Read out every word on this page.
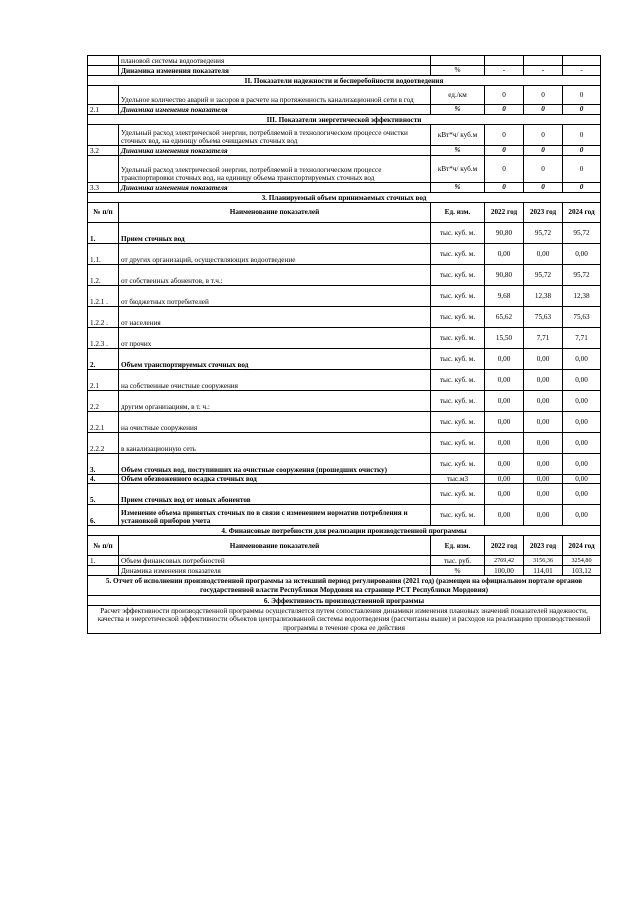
	плановой системы водоотведения				
	Динамика изменения показателя	%	-	-	-
II. Показатели надежности и бесперебойности водоотведения					
	Удельное количество аварий и засоров в расчете на протяженность канализационной сети в год	ед./км	0	0	0
2.1	Динамика изменения показателя	%	0	0	0
III. Показатели энергетической эффективности					
	Удельный расход электрической энергии, потребляемой в технологическом процессе очистки сточных вод, на единицу объема очищаемых сточных вод	кВт*ч/ куб.м	0	0	0
3.2	Динамика изменения показателя	%	0	0	0
	Удельный расход электрической энергии, потребляемой в технологическом процессе транспортировки сточных вод, на единицу объема транспортируемых сточных вод	кВт*ч/ куб.м	0	0	0
3.3	Динамика изменения показателя	%	0	0	0
3. Планируемый объем принимаемых сточных вод					
№ п/п	Наименование показателей	Ед. изм.	2022 год	2023 год	2024 год
1.	Прием сточных вод	тыс. куб. м.	90,80	95,72	95,72
1.1.	от других организаций, осуществляющих водоотведение	тыс. куб. м.	0,00	0,00	0,00
1.2.	от собственных абонентов, в т.ч.:	тыс. куб. м.	90,80	95,72	95,72
1.2.1 .	от бюджетных потребителей	тыс. куб. м.	9,68	12,38	12,38
1.2.2 .	от населения	тыс. куб. м.	65,62	75,63	75,63
1.2.3 .	от прочих	тыс. куб. м.	15,50	7,71	7,71
2.	Объем транспортируемых сточных вод	тыс. куб. м.	0,00	0,00	0,00
2.1	на собственные очистные сооружения	тыс. куб. м.	0,00	0,00	0,00
2.2	другим организациям, в т. ч.:	тыс. куб. м.	0,00	0,00	0,00
2.2.1	на очистные сооружения	тыс. куб. м.	0,00	0,00	0,00
2.2.2	в канализационную сеть	тыс. куб. м.	0,00	0,00	0,00
3.	Объем сточных вод, поступивших на очистные сооружения (прошедших очистку)	тыс. куб. м.	0,00	0,00	0,00
4.	Объем обезвоженного осадка сточных вод	тыс.м3	0,00	0,00	0,00
5.	Прием сточных вод от новых абонентов	тыс. куб. м.	0,00	0,00	0,00
6.	Изменение объема принятых сточных по в связи с изменением норматив потребления и установкой приборов учета	тыс. куб. м.	0,00	0,00	0,00
4. Финансовые потребности для реализации производственной программы					
№ п/п	Наименование показателей	Ед. изм.	2022 год	2023 год	2024 год
1.	Объем финансовых потребностей	тыс. руб.	2769,42	3156,36	3254,80
	Динамика изменения показателя	%	100,00	114,01	103,12
5. Отчет об исполнении производственной программы за истекший период регулирования (2021 год) (размещен на официальном портале органов государственной власти Республики Мордовия на странице РСТ Республики Мордовия)					
6. Эффективность производственной программы					
Расчет эффективности производственной программы осуществляется путем сопоставления динамики изменения плановых значений показателей надежности, качества и энергетической эффективности объектов централизованной системы водоотведения (рассчитаны выше) и расходов на реализацию производственной программы в течение срока ее действия					
